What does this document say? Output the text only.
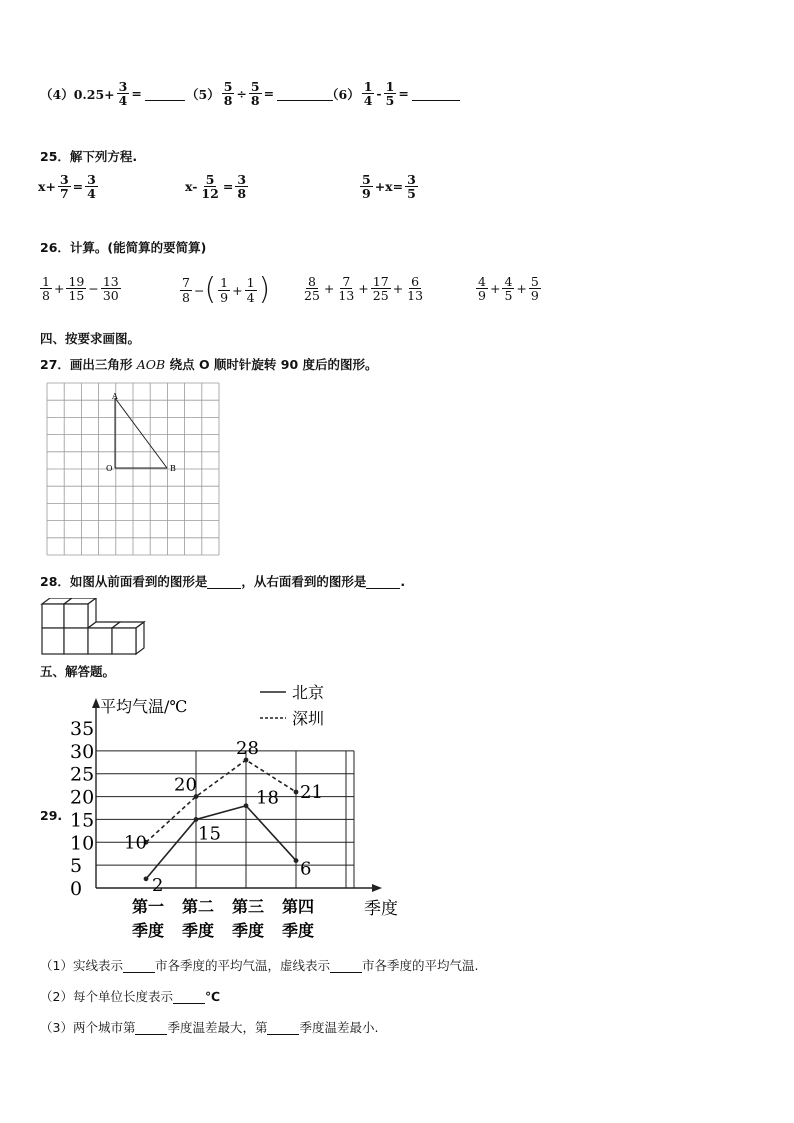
$(4)0.25+ \frac{3}{4}$ =	$(5) \frac{5}{8} \div \frac{5}{8}$ =	$(6) \frac{1}{4} - \frac{1}{5}$ =
25．解下列方程.
$x+ \frac{3}{7} = \frac{3}{4}$	$x- \frac{5}{12} = \frac{3}{8}$	$\frac{5}{9} +x= \frac{3}{5}$
26．计算。(能简算的要简算)
$\frac{1}{8} + \frac{19}{15} - \frac{13}{30}$	$\frac{7}{8}$ − ( $\frac{1}{9} + \frac{1}{4}$ )	$\frac{8}{25} + \frac{7}{13} + \frac{17}{25} + \frac{6}{13}$	$\frac{4}{9} + \frac{4}{5} + \frac{5}{9}$
四、按要求画图。
27．画出三角形 AOB 绕点 O 顺时针旋转 90 度后的图形。
A
O	B
28．如图从前面看到的图形是	，从右面看到的图形是	.
五、解答题。
29.
平均气温/℃
北京
深圳
0
5
10
15
20
25
30
35
第一
季度
第二
季度
第三
季度
第四
季度
2
15
18
6
10
20
28
21
季度
（1）实线表示	市各季度的平均气温，虚线表示	市各季度的平均气温.
（2）每个单位长度表示	℃
（3）两个城市第	季度温差最大，第	季度温差最小.
